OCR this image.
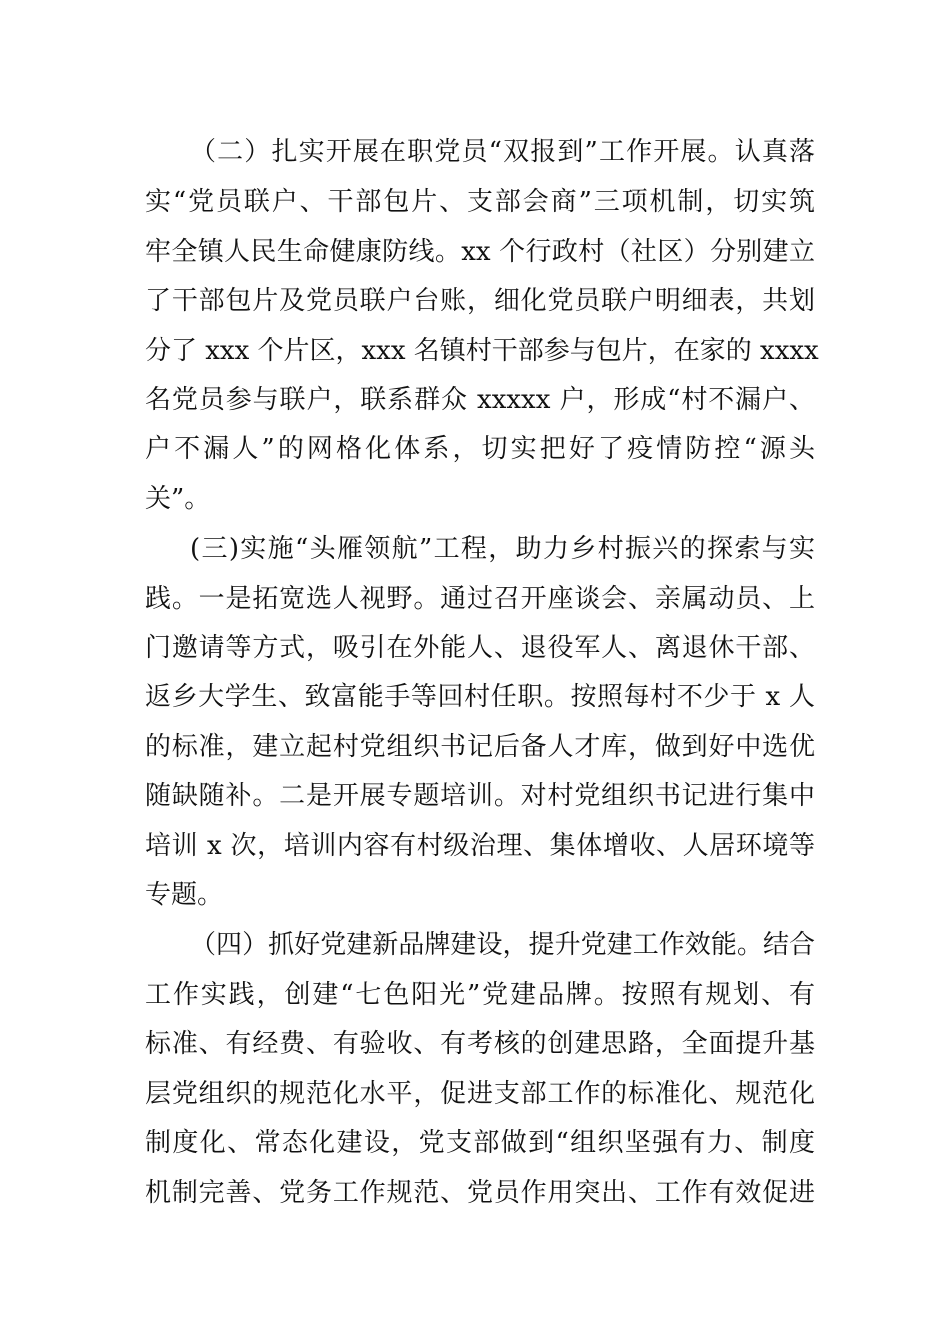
（二）扎实开展在职党员“双报到”工作开展。认真落
实“党员联户、干部包片、支部会商”三项机制，切实筑
牢全镇人民生命健康防线。xx 个行政村（社区）分别建立
了干部包片及党员联户台账，细化党员联户明细表，共划
分了 xxx 个片区，xxx 名镇村干部参与包片，在家的 xxxx
名党员参与联户，联系群众 xxxxx 户，形成“村不漏户、
户不漏人”的网格化体系，切实把好了疫情防控“源头
关”。
(三)实施“头雁领航”工程，助力乡村振兴的探索与实
践。一是拓宽选人视野。通过召开座谈会、亲属动员、上
门邀请等方式，吸引在外能人、退役军人、离退休干部、
返乡大学生、致富能手等回村任职。按照每村不少于 x 人
的标准，建立起村党组织书记后备人才库，做到好中选优
随缺随补。二是开展专题培训。对村党组织书记进行集中
培训 x 次，培训内容有村级治理、集体增收、人居环境等
专题。
（四）抓好党建新品牌建设，提升党建工作效能。结合
工作实践，创建“七色阳光”党建品牌。按照有规划、有
标准、有经费、有验收、有考核的创建思路，全面提升基
层党组织的规范化水平，促进支部工作的标准化、规范化
制度化、常态化建设，党支部做到“组织坚强有力、制度
机制完善、党务工作规范、党员作用突出、工作有效促进
